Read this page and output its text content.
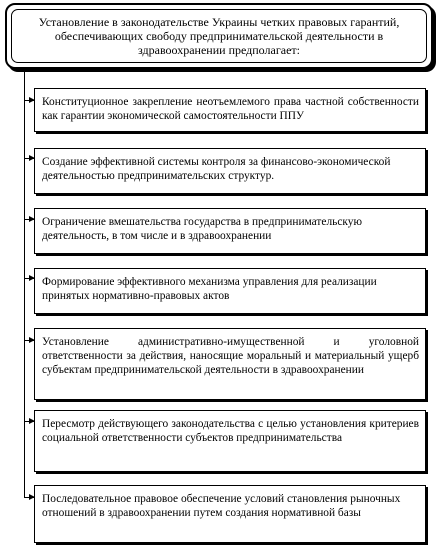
Установление в законодательстве Украины четких правовых гарантий, обеспечивающих свободу предпринимательской деятельности в здравоохранении предполагает:
Конституционное закрепление неотъемлемого права частной собственности как гарантии экономической самостоятельности ППУ
Создание эффективной системы контроля за финансово-экономической деятельностью предпринимательских структур.
Ограничение вмешательства государства в предпринимательскую деятельность, в том числе и в здравоохранении
Формирование эффективного механизма управления для реализации принятых нормативно-правовых актов
Установление административно-имущественной и уголовной ответственности за действия, наносящие моральный и материальный ущерб субъектам предпринимательской деятельности в здравоохранении
Пересмотр действующего законодательства с целью установления критериев социальной ответственности субъектов предпринимательства
Последовательное правовое обеспечение условий становления рыночных отношений в здравоохранении путем создания нормативной базы
